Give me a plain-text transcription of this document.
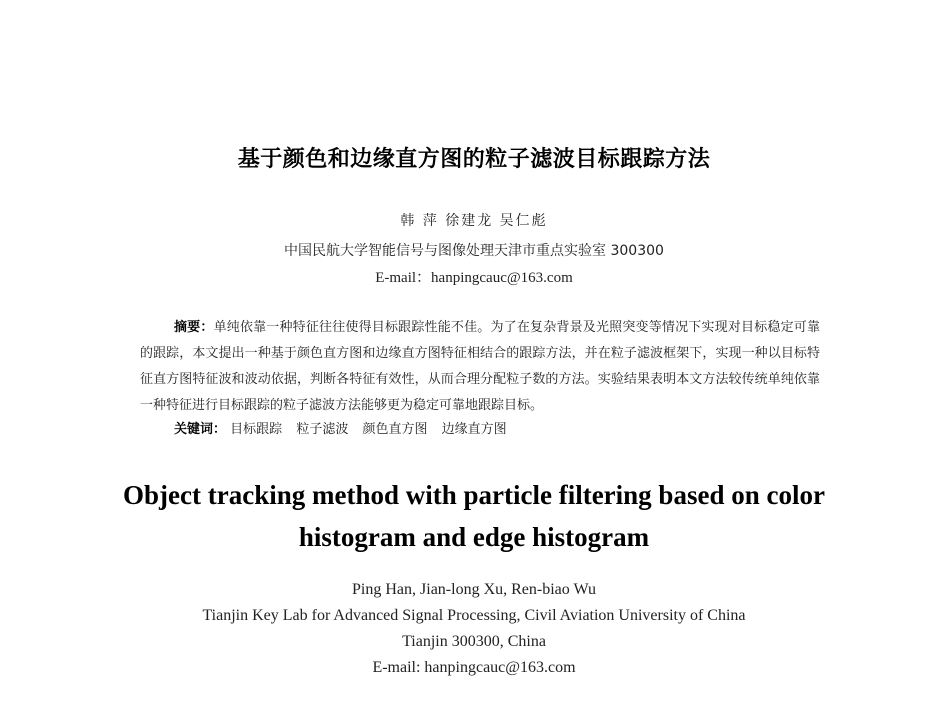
基于颜色和边缘直方图的粒子滤波目标跟踪方法
韩 萍 徐建龙 吴仁彪
中国民航大学智能信号与图像处理天津市重点实验室 300300
E-mail：hanpingcauc@163.com
摘要：单纯依靠一种特征往往使得目标跟踪性能不佳。为了在复杂背景及光照突变等情况下实现对目标稳定可靠的跟踪，本文提出一种基于颜色直方图和边缘直方图特征相结合的跟踪方法，并在粒子滤波框架下，实现一种以目标特征直方图特征波和波动依据，判断各特征有效性，从而合理分配粒子数的方法。实验结果表明本文方法较传统单纯依靠一种特征进行目标跟踪的粒子滤波方法能够更为稳定可靠地跟踪目标。
关键词： 目标跟踪 粒子滤波 颜色直方图 边缘直方图
Object tracking method with particle filtering based on color
histogram and edge histogram
Ping Han, Jian-long Xu, Ren-biao Wu
Tianjin Key Lab for Advanced Signal Processing, Civil Aviation University of China
Tianjin 300300, China
E-mail: hanpingcauc@163.com
